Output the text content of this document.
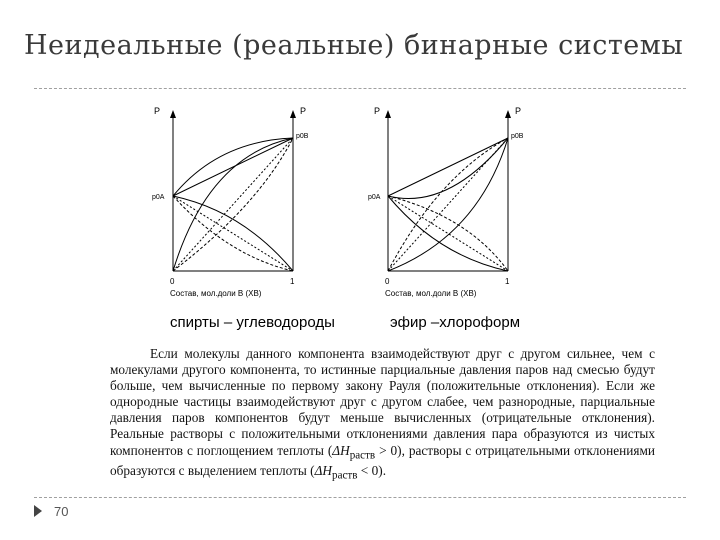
Неидеальные (реальные) бинарные системы
P	P
p0A
p0B
0	1
Состав, мол.доли В (ХВ)
P	P
p0A
p0B
0	1
Состав, мол.доли В (ХВ)
спирты – углеводороды	эфир –хлороформ

Если молекулы данного компонента взаимодействуют друг с другом сильнее, чем с молекулами другого компонента, то истинные парциальные давления паров над смесью будут больше, чем вычисленные по первому закону Рауля (положительные отклонения). Если же однородные частицы взаимодействуют друг с другом слабее, чем разнородные, парциальные давления паров компонентов будут меньше вычисленных (отрицательные отклонения). Реальные растворы с положительными отклонениями давления пара образуются из чистых компонентов с поглощением теплоты $(\Delta H_{раств} > 0)$, растворы с отрицательными отклонениями образуются с выделением теплоты $(\Delta H_{раств} < 0)$.

70
